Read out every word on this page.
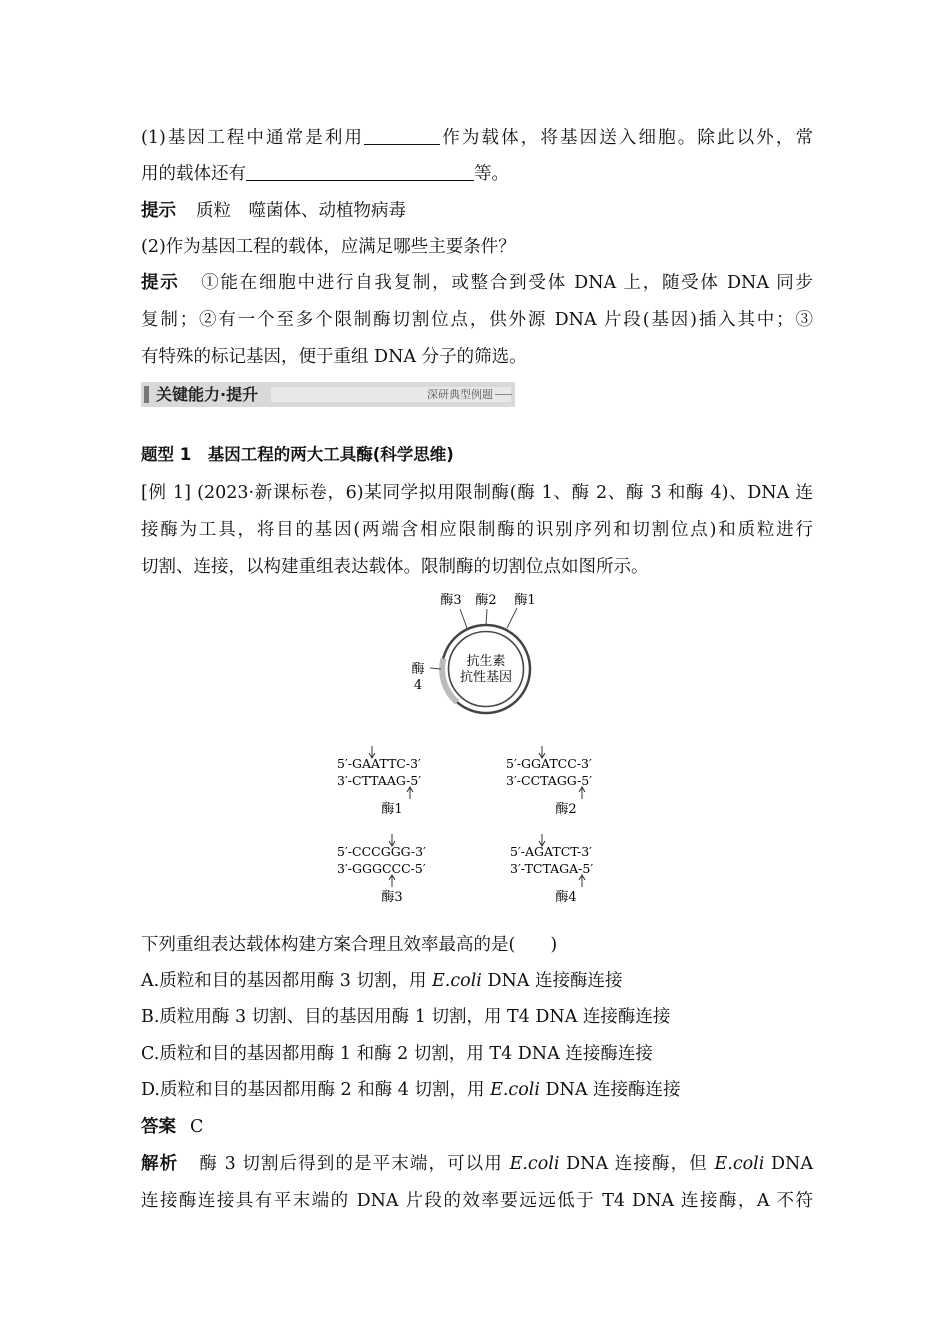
(1)基因工程中通常是利用	作为载体，将基因送入细胞。除此以外，常
用的载体还有	等。
提示 质粒　噬菌体、动植物病毒
(2)作为基因工程的载体，应满足哪些主要条件？
提示 ①能在细胞中进行自我复制，或整合到受体 DNA 上，随受体 DNA 同步
复制；②有一个至多个限制酶切割位点，供外源 DNA 片段(基因)插入其中；③
有特殊的标记基因，便于重组 DNA 分子的筛选。
关键能力·提升	深研典型例题
题型 1　基因工程的两大工具酶(科学思维)
[例 1] (2023·新课标卷，6)某同学拟用限制酶(酶 1、酶 2、酶 3 和酶 4)、DNA 连
接酶为工具，将目的基因(两端含相应限制酶的识别序列和切割位点)和质粒进行
切割、连接，以构建重组表达载体。限制酶的切割位点如图所示。
酶3 酶2 酶1
酶
4
抗生素
抗性基因
5′-GAATTC-3′
3′-CTTAAG-5′
酶1
5′-GGATCC-3′
3′-CCTAGG-5′
酶2
5′-CCCGGG-3′
3′-GGGCCC-5′
酶3
5′-AGATCT-3′
3′-TCTAGA-5′
酶4
下列重组表达载体构建方案合理且效率最高的是(　　)
A.质粒和目的基因都用酶 3 切割，用 E.coli DNA 连接酶连接
B.质粒用酶 3 切割、目的基因用酶 1 切割，用 T4 DNA 连接酶连接
C.质粒和目的基因都用酶 1 和酶 2 切割，用 T4 DNA 连接酶连接
D.质粒和目的基因都用酶 2 和酶 4 切割，用 E.coli DNA 连接酶连接
答案 C
解析 酶 3 切割后得到的是平末端，可以用 E.coli DNA 连接酶，但 E.coli DNA
连接酶连接具有平末端的 DNA 片段的效率要远远低于 T4 DNA 连接酶，A 不符
